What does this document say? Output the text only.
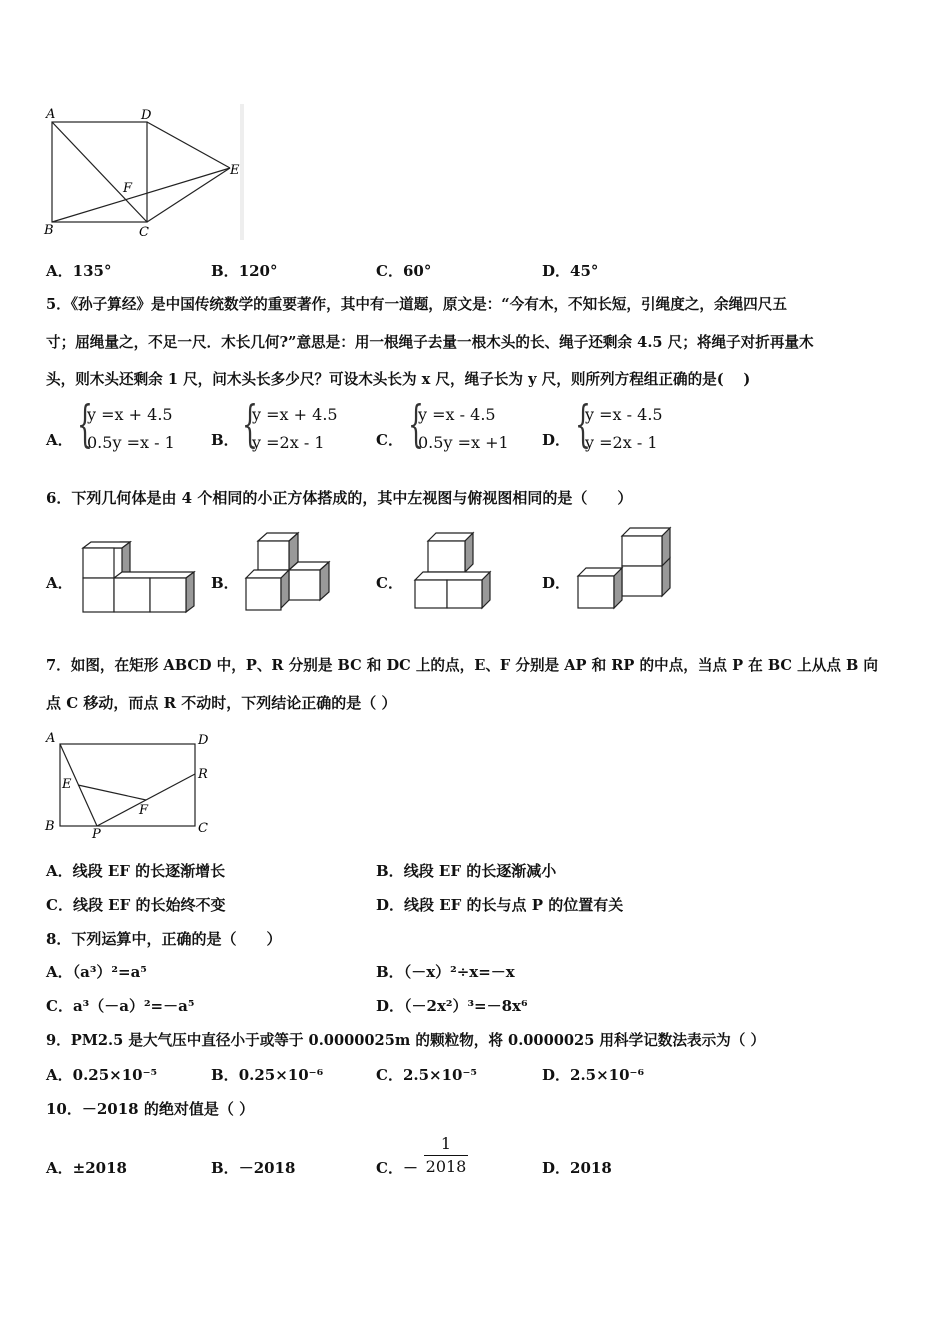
A	D
E
F
B	C
A．135°	B．120°	C．60°	D．45°
5．《孙子算经》是中国传统数学的重要著作，其中有一道题，原文是：“今有木，不知长短，引绳度之，余绳四尺五
寸；屈绳量之，不足一尺．木长几何?”意思是：用一根绳子去量一根木头的长、绳子还剩余 4.5 尺；将绳子对折再量木
头，则木头还剩余 1 尺，问木头长多少尺？可设木头长为 x 尺，绳子长为 y 尺，则所列方程组正确的是(　 )
A． {
y =x + 4.5
0.5y =x - 1 B． {
y =x + 4.5
y =2x - 1	C． {
y =x - 4.5
0.5y =x +1 D． {
y =x - 4.5
y =2x - 1
6．下列几何体是由 4 个相同的小正方体搭成的，其中左视图与俯视图相同的是（　　）
A．	B．	C．	D．
7．如图，在矩形 ABCD 中，P、R 分别是 BC 和 DC 上的点，E、F 分别是 AP 和 RP 的中点，当点 P 在 BC 上从点 B 向
点 C 移动，而点 R 不动时，下列结论正确的是（ ）
A	D
R
E
F
B
P	C
A．线段 EF 的长逐渐增长	B．线段 EF 的长逐渐减小
C．线段 EF 的长始终不变	D．线段 EF 的长与点 P 的位置有关
8．下列运算中，正确的是（　　）
A．（a³）²=a⁵	B．（－x）²÷x=－x
C．a³（－a）²=－a⁵	D．（－2x²）³=－8x⁶
9．PM2.5 是大气压中直径小于或等于 0.0000025m 的颗粒物，将 0.0000025 用科学记数法表示为（ ）
A．0.25×10⁻⁵	B．0.25×10⁻⁶	C．2.5×10⁻⁵	D．2.5×10⁻⁶
10．－2018 的绝对值是（ ）
A．±2018	B．－2018	C．－ $\frac{1}{2018}$	D．2018
